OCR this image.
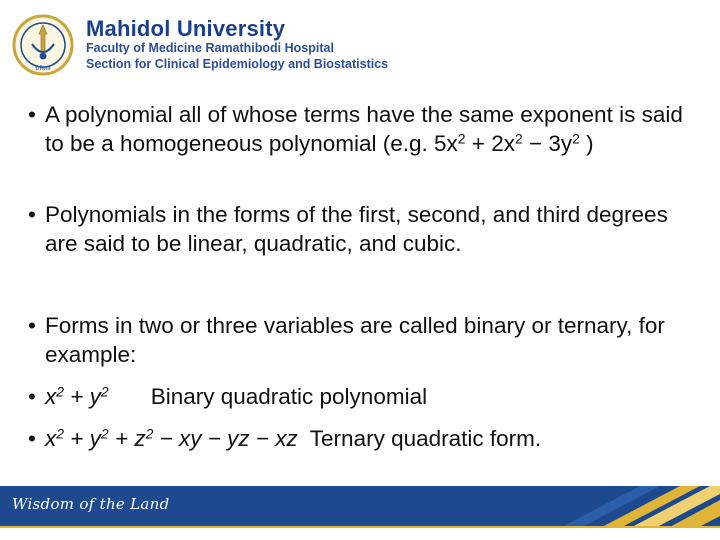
มหิดล

Mahidol University

Faculty of Medicine Ramathibodi Hospital

Section for Clinical Epidemiology and Biostatistics

• A polynomial all of whose terms have the same exponent is said to be a homogeneous polynomial (e.g. $5x^2 + 2x^2 - 3y^2$ )
• Polynomials in the forms of the first, second, and third degrees are said to be linear, quadratic, and cubic.
• Forms in two or three variables are called binary or ternary, for example:
• $x^2 + y^2$ Binary quadratic polynomial
• $x^2 + y^2 + z^2$ − xy − yz − xz Ternary quadratic form.
Wisdom of the Land
